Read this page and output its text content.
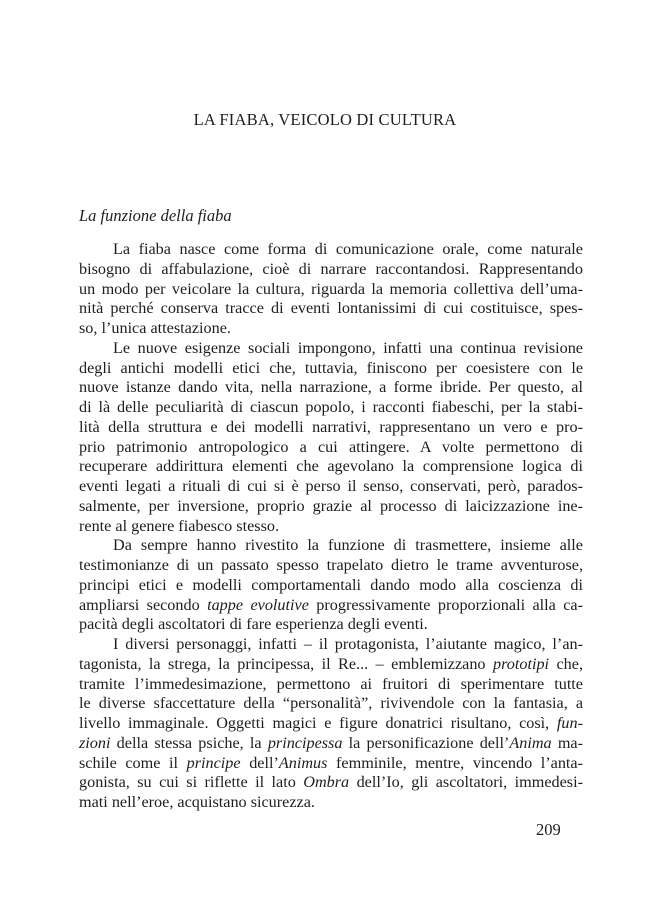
LA FIABA, VEICOLO DI CULTURA
La funzione della fiaba
La fiaba nasce come forma di comunicazione orale, come naturale
bisogno di affabulazione, cioè di narrare raccontandosi. Rappresentando
un modo per veicolare la cultura, riguarda la memoria collettiva dell’uma-
nità perché conserva tracce di eventi lontanissimi di cui costituisce, spes-
so, l’unica attestazione.
Le nuove esigenze sociali impongono, infatti una continua revisione
degli antichi modelli etici che, tuttavia, finiscono per coesistere con le
nuove istanze dando vita, nella narrazione, a forme ibride. Per questo, al
di là delle peculiarità di ciascun popolo, i racconti fiabeschi, per la stabi-
lità della struttura e dei modelli narrativi, rappresentano un vero e pro-
prio patrimonio antropologico a cui attingere. A volte permettono di
recuperare addirittura elementi che agevolano la comprensione logica di
eventi legati a rituali di cui si è perso il senso, conservati, però, parados-
salmente, per inversione, proprio grazie al processo di laicizzazione ine-
rente al genere fiabesco stesso.
Da sempre hanno rivestito la funzione di trasmettere, insieme alle
testimonianze di un passato spesso trapelato dietro le trame avventurose,
principi etici e modelli comportamentali dando modo alla coscienza di
ampliarsi secondo tappe evolutive progressivamente proporzionali alla ca-
pacità degli ascoltatori di fare esperienza degli eventi.
I diversi personaggi, infatti – il protagonista, l’aiutante magico, l’an-
tagonista, la strega, la principessa, il Re... – emblemizzano prototipi che,
tramite l’immedesimazione, permettono ai fruitori di sperimentare tutte
le diverse sfaccettature della “personalità”, rivivendole con la fantasia, a
livello immaginale. Oggetti magici e figure donatrici risultano, così, fun-
zioni della stessa psiche, la principessa la personificazione dell’Anima ma-
schile come il principe dell’Animus femminile, mentre, vincendo l’anta-
gonista, su cui si riflette il lato Ombra dell’Io, gli ascoltatori, immedesi-
mati nell’eroe, acquistano sicurezza.
209
